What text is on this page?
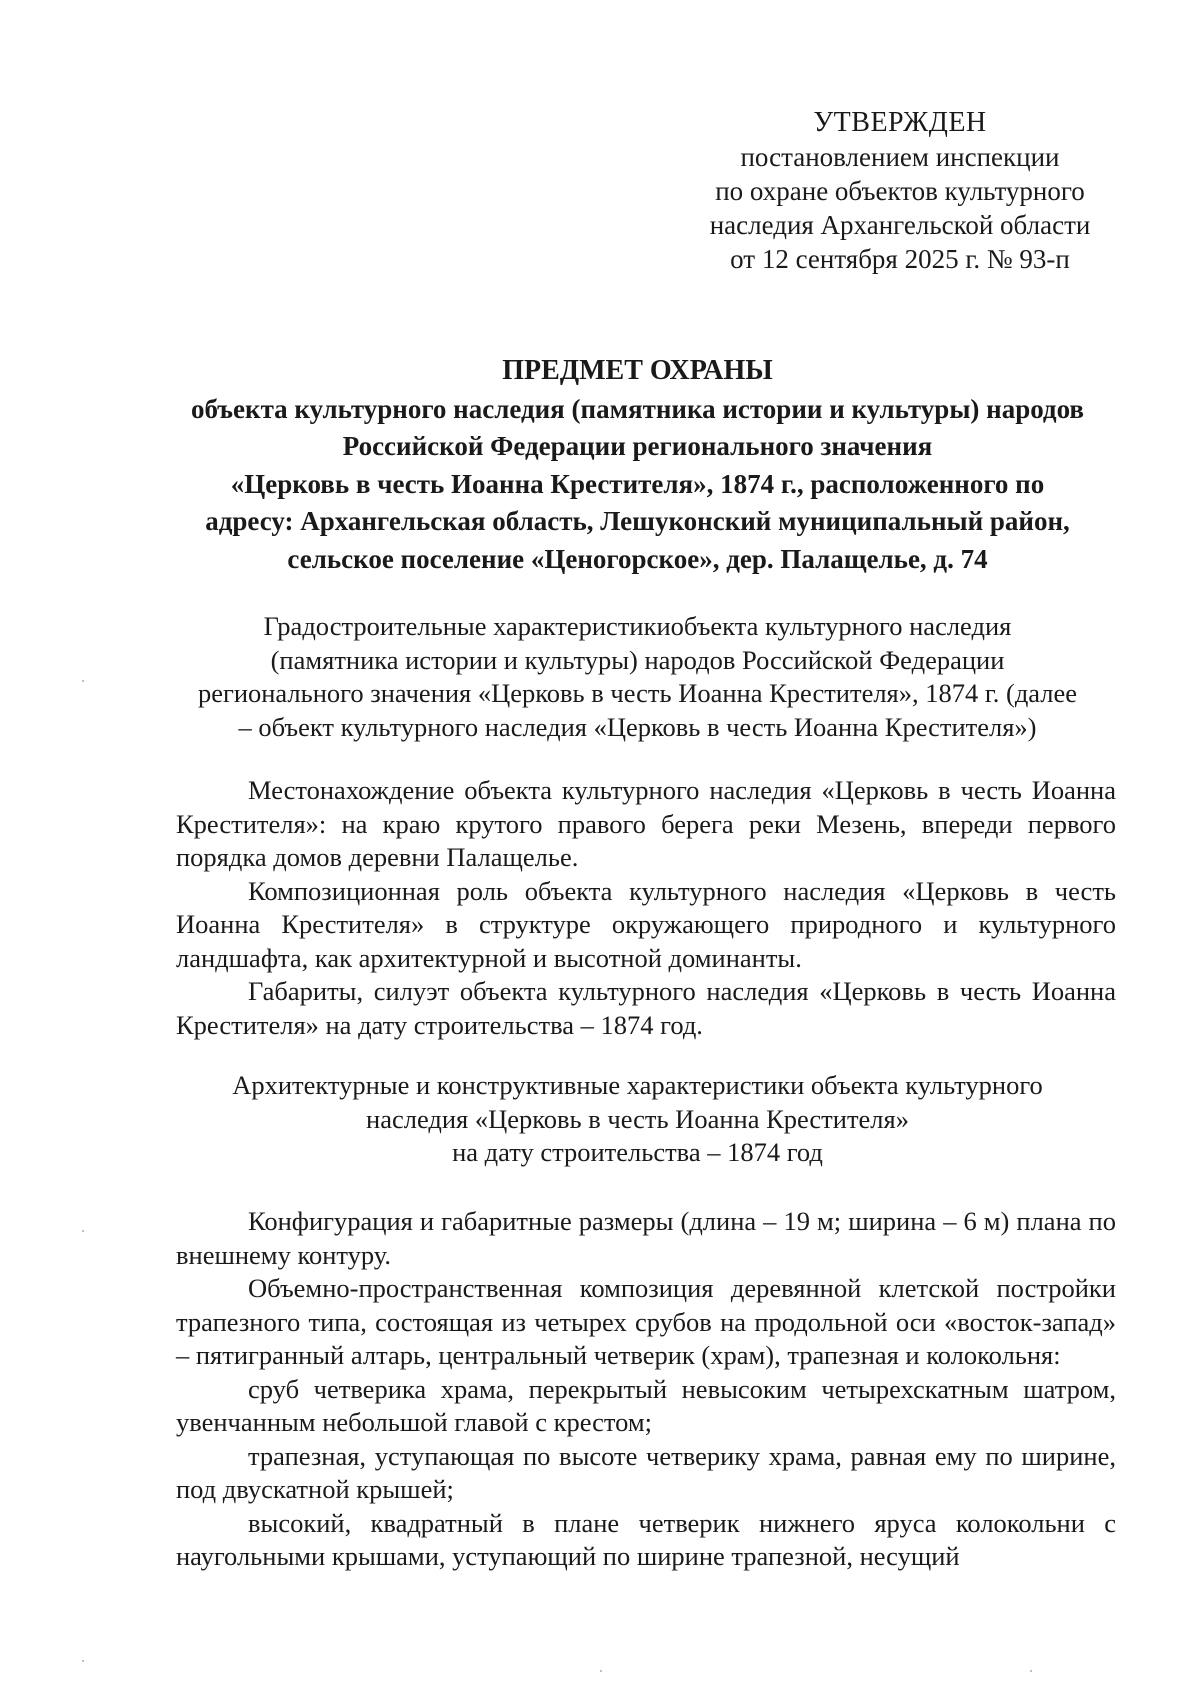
УТВЕРЖДЕН
постановлением инспекции
по охране объектов культурного
наследия Архангельской области
от 12 сентября 2025 г. № 93-п
ПРЕДМЕТ ОХРАНЫ
объекта культурного наследия (памятника истории и культуры) народов
Российской Федерации регионального значения
«Церковь в честь Иоанна Крестителя», 1874 г., расположенного по
адресу: Архангельская область, Лешуконский муниципальный район,
сельское поселение «Ценогорское», дер. Палащелье, д. 74
Градостроительные характеристикиобъекта культурного наследия
(памятника истории и культуры) народов Российской Федерации
регионального значения «Церковь в честь Иоанна Крестителя», 1874 г. (далее
– объект культурного наследия «Церковь в честь Иоанна Крестителя»)

Местонахождение объекта культурного наследия «Церковь в честь Иоанна Крестителя»: на краю крутого правого берега реки Мезень, впереди первого порядка домов деревни Палащелье.

Композиционная роль объекта культурного наследия «Церковь в честь Иоанна Крестителя» в структуре окружающего природного и культурного ландшафта, как архитектурной и высотной доминанты.

Габариты, силуэт объекта культурного наследия «Церковь в честь Иоанна Крестителя» на дату строительства – 1874 год.

Архитектурные и конструктивные характеристики объекта культурного
наследия «Церковь в честь Иоанна Крестителя»
на дату строительства – 1874 год

Конфигурация и габаритные размеры (длина – 19 м; ширина – 6 м) плана по внешнему контуру.

Объемно-пространственная композиция деревянной клетской постройки трапезного типа, состоящая из четырех срубов на продольной оси «восток-запад» – пятигранный алтарь, центральный четверик (храм), трапезная и колокольня:

сруб четверика храма, перекрытый невысоким четырехскатным шатром, увенчанным небольшой главой с крестом;

трапезная, уступающая по высоте четверику храма, равная ему по ширине, под двускатной крышей;

высокий, квадратный в плане четверик нижнего яруса колокольни с наугольными крышами, уступающий по ширине трапезной, несущий
